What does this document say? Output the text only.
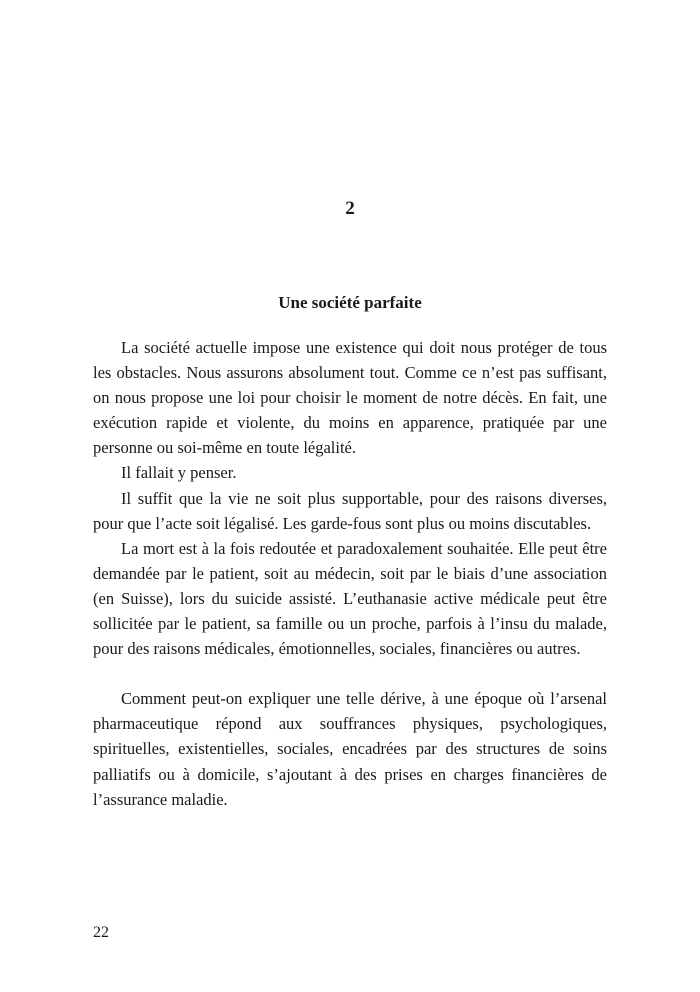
2
Une société parfaite

La société actuelle impose une existence qui doit nous protéger de tous les obstacles. Nous assurons absolument tout. Comme ce n’est pas suffisant, on nous propose une loi pour choisir le moment de notre décès. En fait, une exécution rapide et violente, du moins en apparence, pratiquée par une personne ou soi-même en toute légalité.

Il fallait y penser.

Il suffit que la vie ne soit plus supportable, pour des raisons diverses, pour que l’acte soit légalisé. Les garde-fous sont plus ou moins discutables.

La mort est à la fois redoutée et paradoxalement souhaitée. Elle peut être demandée par le patient, soit au médecin, soit par le biais d’une association (en Suisse), lors du suicide assisté. L’euthanasie active médicale peut être sollicitée par le patient, sa famille ou un proche, parfois à l’insu du malade, pour des raisons médicales, émotionnelles, sociales, financières ou autres.

Comment peut-on expliquer une telle dérive, à une époque où l’arsenal pharmaceutique répond aux souffrances physiques, psychologiques, spirituelles, existentielles, sociales, encadrées par des structures de soins palliatifs ou à domicile, s’ajoutant à des prises en charges financières de l’assurance maladie.

22
